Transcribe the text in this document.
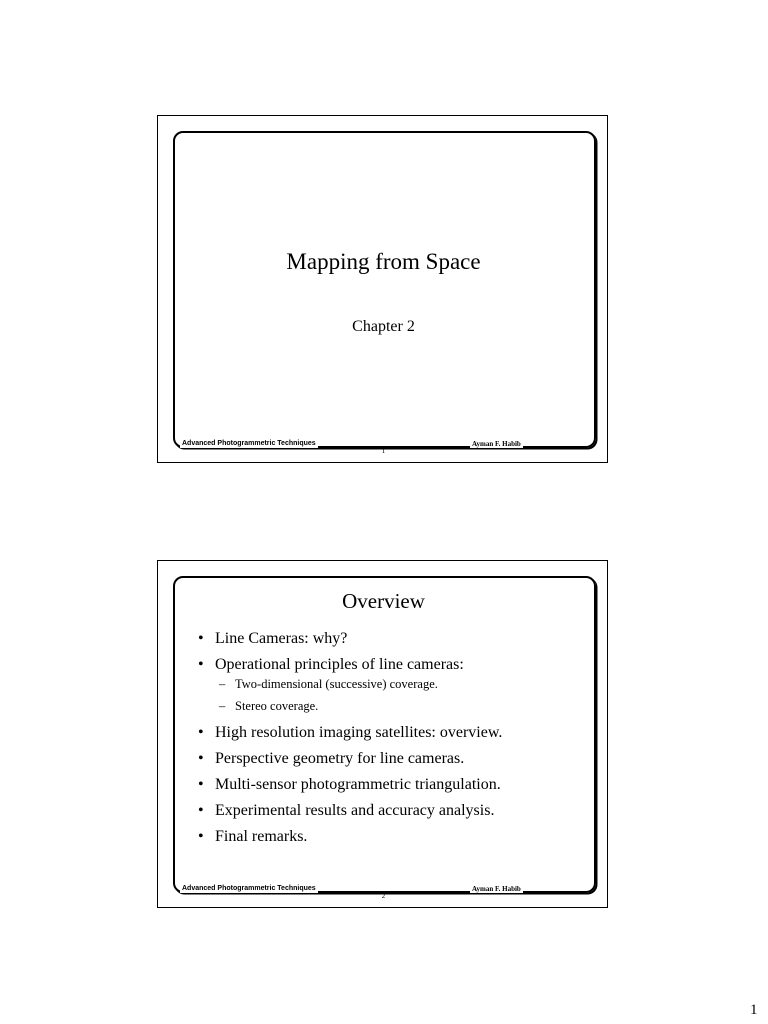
Mapping from Space
Chapter 2
Advanced Photogrammetric Techniques	Ayman F. Habib
1
Overview
• Line Cameras: why?
• Operational principles of line cameras:
– Two-dimensional (successive) coverage.
– Stereo coverage.
• High resolution imaging satellites: overview.
• Perspective geometry for line cameras.
• Multi-sensor photogrammetric triangulation.
• Experimental results and accuracy analysis.
• Final remarks.
Advanced Photogrammetric Techniques	Ayman F. Habib
2
1
